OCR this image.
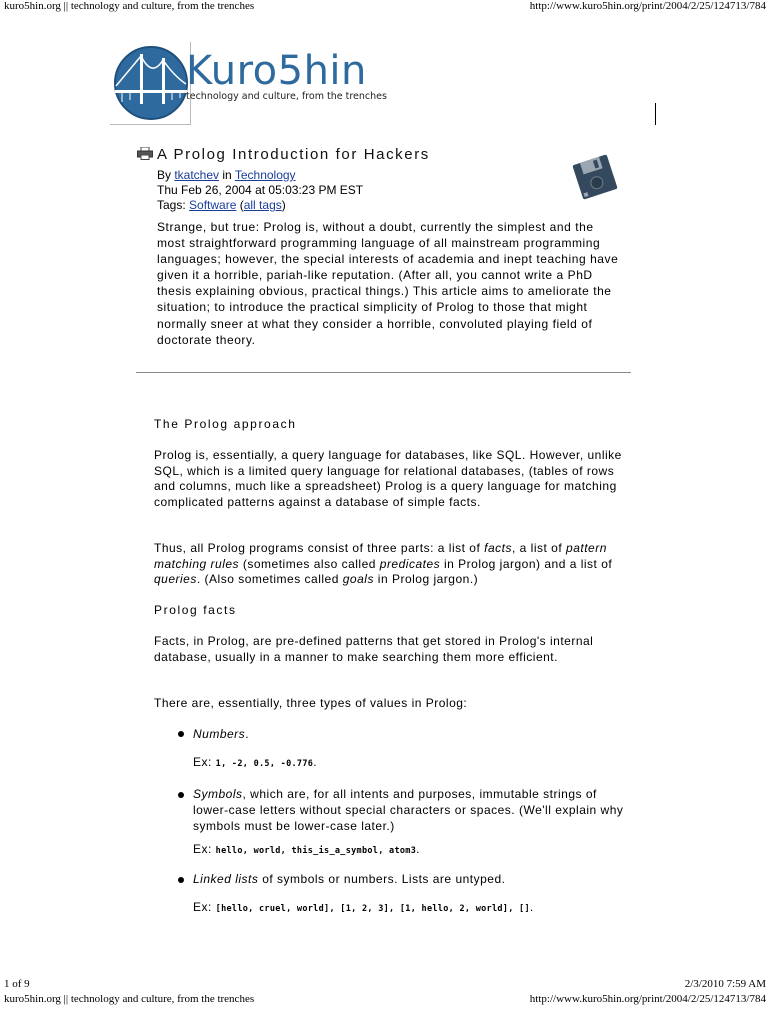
kuro5hin.org || technology and culture, from the trenches	http://www.kuro5hin.org/print/2004/2/25/124713/784
1 of 9	2/3/2010 7:59 AM
kuro5hin.org || technology and culture, from the trenches	http://www.kuro5hin.org/print/2004/2/25/124713/784
Kuro5hin
technology and culture, from the trenches
A Prolog Introduction for Hackers
By tkatchev in Technology
Thu Feb 26, 2004 at 05:03:23 PM EST
Tags: Software (all tags)
Strange, but true: Prolog is, without a doubt, currently the simplest and the most straightforward programming language of all mainstream programming languages; however, the special interests of academia and inept teaching have given it a horrible, pariah-like reputation. (After all, you cannot write a PhD thesis explaining obvious, practical things.) This article aims to ameliorate the situation; to introduce the practical simplicity of Prolog to those that might normally sneer at what they consider a horrible, convoluted playing field of doctorate theory.
The Prolog approach
Prolog is, essentially, a query language for databases, like SQL. However, unlike SQL, which is a limited query language for relational databases, (tables of rows and columns, much like a spreadsheet) Prolog is a query language for matching complicated patterns against a database of simple facts.
Thus, all Prolog programs consist of three parts: a list of facts, a list of pattern matching rules (sometimes also called predicates in Prolog jargon) and a list of queries. (Also sometimes called goals in Prolog jargon.)
Prolog facts
Facts, in Prolog, are pre-defined patterns that get stored in Prolog's internal database, usually in a manner to make searching them more efficient.
There are, essentially, three types of values in Prolog:
Numbers.
Ex: 1, -2, 0.5, -0.776.
Symbols, which are, for all intents and purposes, immutable strings of lower-case letters without special characters or spaces. (We'll explain why symbols must be lower-case later.)
Ex: hello, world, this_is_a_symbol, atom3.
Linked lists of symbols or numbers. Lists are untyped.
Ex: [hello, cruel, world], [1, 2, 3], [1, hello, 2, world], [].
